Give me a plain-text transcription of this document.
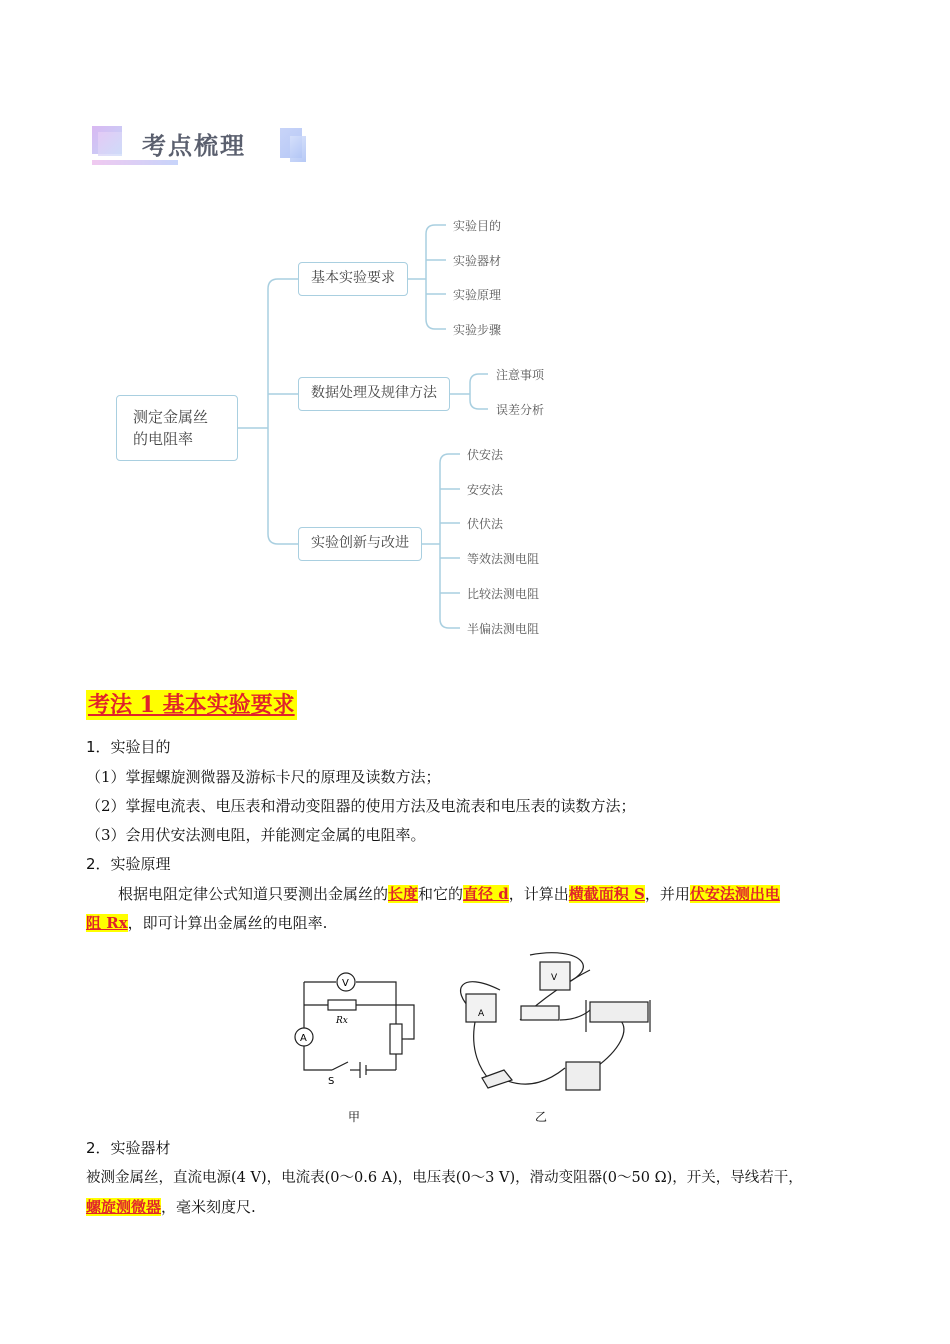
考点梳理
测定金属丝
的电阻率
基本实验要求
数据处理及规律方法
实验创新与改进
实验目的
实验器材
实验原理
实验步骤
注意事项
误差分析
伏安法
安安法
伏伏法
等效法测电阻
比较法测电阻
半偏法测电阻
考法 1 基本实验要求
1．实验目的
（1）掌握螺旋测微器及游标卡尺的原理及读数方法；
（2）掌握电流表、电压表和滑动变阻器的使用方法及电流表和电压表的读数方法；
（3）会用伏安法测电阻，并能测定金属的电阻率。
2．实验原理
根据电阻定律公式知道只要测出金属丝的长度和它的直径 d，计算出横截面积 S，并用伏安法测出电
阻 Rx，即可计算出金属丝的电阻率.
V
A
Rx
S
A
V
甲	乙
2．实验器材
被测金属丝，直流电源(4 V)，电流表(0～0.6 A)，电压表(0～3 V)，滑动变阻器(0～50 Ω)，开关，导线若干，
螺旋测微器，毫米刻度尺.
